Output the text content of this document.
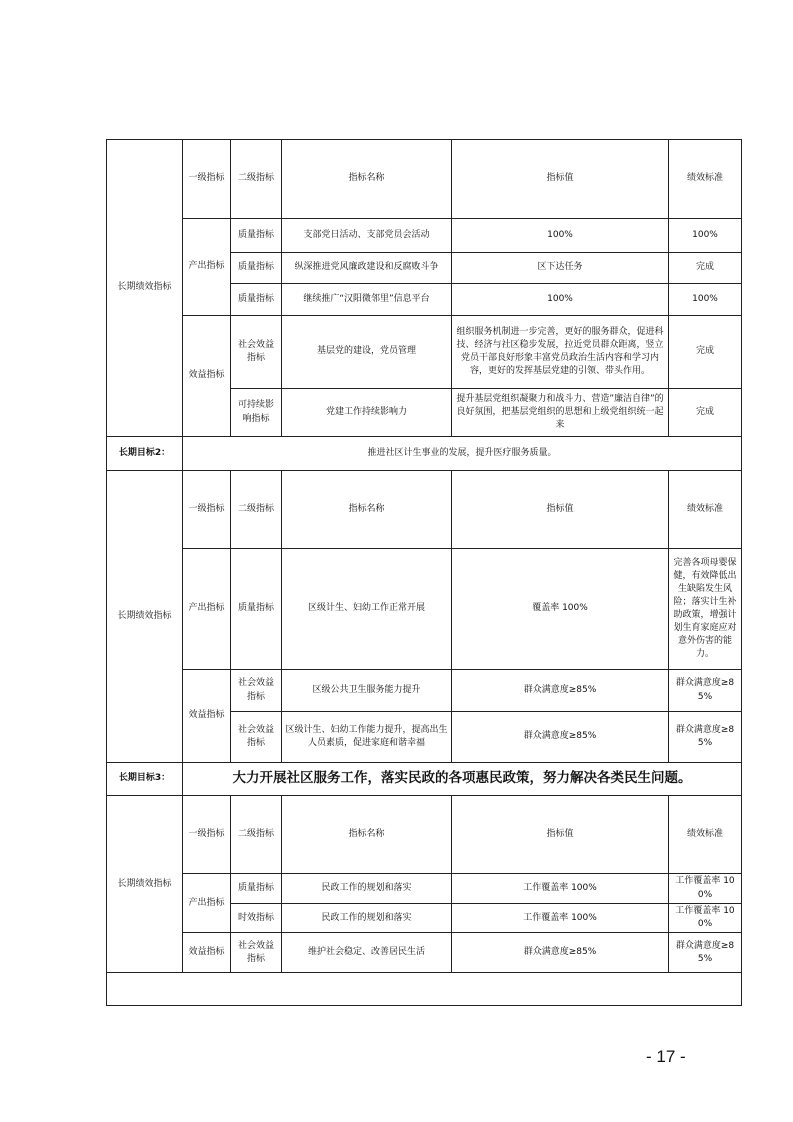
长期绩效指标	一级指标	二级指标	指标名称	指标值	绩效标准
	产出指标	质量指标	支部党日活动、支部党员会活动	100%	100%
		质量指标	纵深推进党风廉政建设和反腐败斗争	区下达任务	完成
		质量指标	继续推广“汉阳微邻里”信息平台	100%	100%
	效益指标	社会效益指标	基层党的建设，党员管理	组织服务机制进一步完善，更好的服务群众，促进科技、经济与社区稳步发展，拉近党员群众距离，竖立党员干部良好形象丰富党员政治生活内容和学习内容，更好的发挥基层党建的引领、带头作用。	完成
		可持续影响指标	党建工作持续影响力	提升基层党组织凝聚力和战斗力、营造”廉洁自律”的良好氛围，把基层党组织的思想和上级党组织统一起来	完成
长期目标2：	推进社区计生事业的发展，提升医疗服务质量。				
长期绩效指标	一级指标	二级指标	指标名称	指标值	绩效标准
	产出指标	质量指标	区级计生、妇幼工作正常开展	覆盖率 100%	完善各项母婴保健，有效降低出生缺陷发生风险；落实计生补助政策，增强计划生育家庭应对意外伤害的能力。
	效益指标	社会效益指标	区级公共卫生服务能力提升	群众满意度≥85%	群众满意度≥85%
		社会效益指标	区级计生、妇幼工作能力提升，提高出生人员素质，促进家庭和谐幸福	群众满意度≥85%	群众满意度≥85%
长期目标3：	大力开展社区服务工作，落实民政的各项惠民政策，努力解决各类民生问题。				
长期绩效指标	一级指标	二级指标	指标名称	指标值	绩效标准
	产出指标	质量指标	民政工作的规划和落实	工作覆盖率 100%	工作覆盖率 100%
		时效指标	民政工作的规划和落实	工作覆盖率 100%	工作覆盖率 100%
	效益指标	社会效益指标	维护社会稳定、改善居民生活	群众满意度≥85%	群众满意度≥85%

- 17 -
